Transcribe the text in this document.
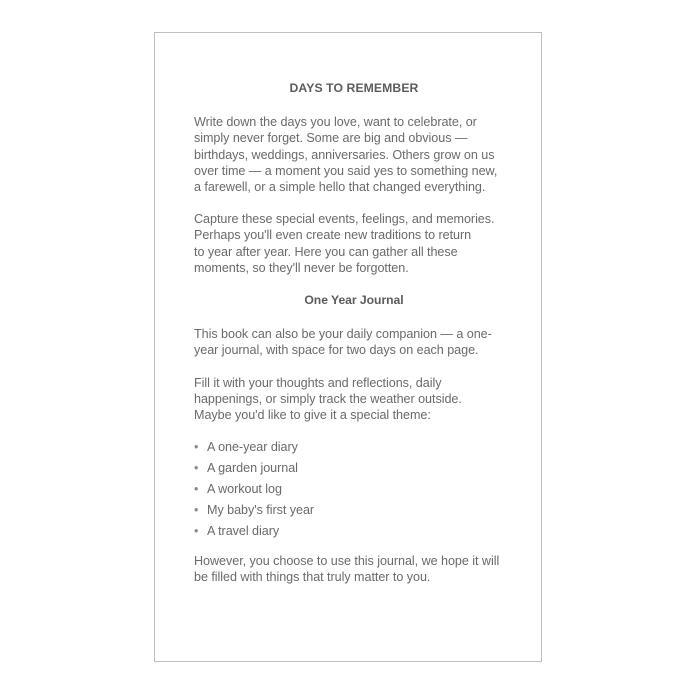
DAYS TO REMEMBER

Write down the days you love, want to celebrate, or
simply never forget. Some are big and obvious —
birthdays, weddings, anniversaries. Others grow on us
over time — a moment you said yes to something new,
a farewell, or a simple hello that changed everything.

Capture these special events, feelings, and memories.
Perhaps you'll even create new traditions to return
to year after year. Here you can gather all these
moments, so they'll never be forgotten.

One Year Journal

This book can also be your daily companion — a one-
year journal, with space for two days on each page.

Fill it with your thoughts and reflections, daily
happenings, or simply track the weather outside.
Maybe you'd like to give it a special theme:

• A one-year diary
• A garden journal
• A workout log
• My baby's first year
• A travel diary

However, you choose to use this journal, we hope it will
be filled with things that truly matter to you.
